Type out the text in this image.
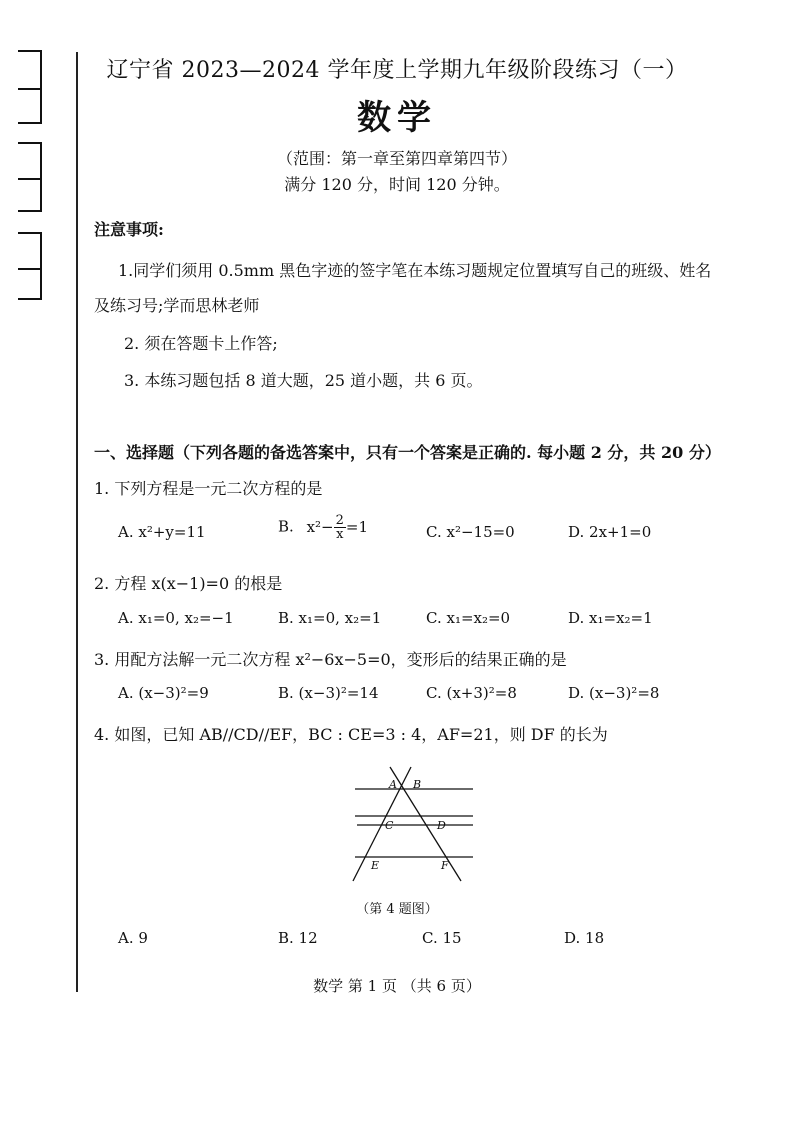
辽宁省 2023—2024 学年度上学期九年级阶段练习（一）
数学
（范围：第一章至第四章第四节）
满分 120 分，时间 120 分钟。
注意事项:
1.同学们须用 0.5mm 黑色字迹的签字笔在本练习题规定位置填写自己的班级、姓名
及练习号;学而思林老师
2. 须在答题卡上作答;
3. 本练习题包括 8 道大题，25 道小题，共 6 页。
一、选择题（下列各题的备选答案中，只有一个答案是正确的. 每小题 2 分，共 20 分）
1. 下列方程是一元二次方程的是
A. x²+y=11	B. $x^2- \frac{2}{x} =1$	C. x²−15=0	D. 2x+1=0
2. 方程 x(x−1)=0 的根是
A. x₁=0, x₂=−1	B. x₁=0, x₂=1	C. x₁=x₂=0	D. x₁=x₂=1
3. 用配方法解一元二次方程 x²−6x−5=0，变形后的结果正确的是
A. (x−3)²=9	B. (x−3)²=14	C. (x+3)²=8	D. (x−3)²=8
4. 如图，已知 AB//CD//EF，BC : CE=3 : 4，AF=21，则 DF 的长为
A B
C	D
E	F
（第 4 题图）
A. 9	B. 12	C. 15	D. 18
数学 第 1 页 （共 6 页）
